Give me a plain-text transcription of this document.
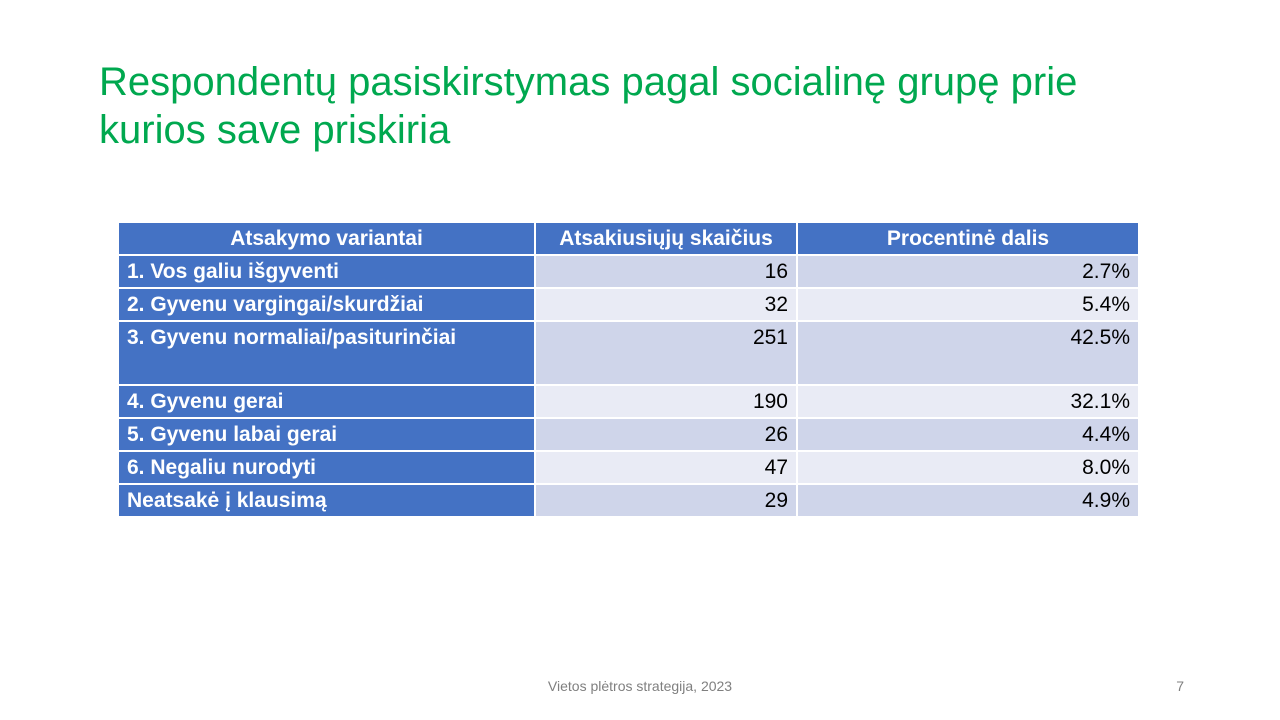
Respondentų pasiskirstymas pagal socialinę grupę prie kurios save priskiria
Atsakymo variantai	Atsakiusiųjų skaičius	Procentinė dalis
1. Vos galiu išgyventi	16	2.7%
2. Gyvenu vargingai/skurdžiai	32	5.4%
3. Gyvenu normaliai/pasiturinčiai	251	42.5%
4. Gyvenu gerai	190	32.1%
5. Gyvenu labai gerai	26	4.4%
6. Negaliu nurodyti	47	8.0%
Neatsakė į klausimą	29	4.9%
Vietos plėtros strategija, 2023	7
